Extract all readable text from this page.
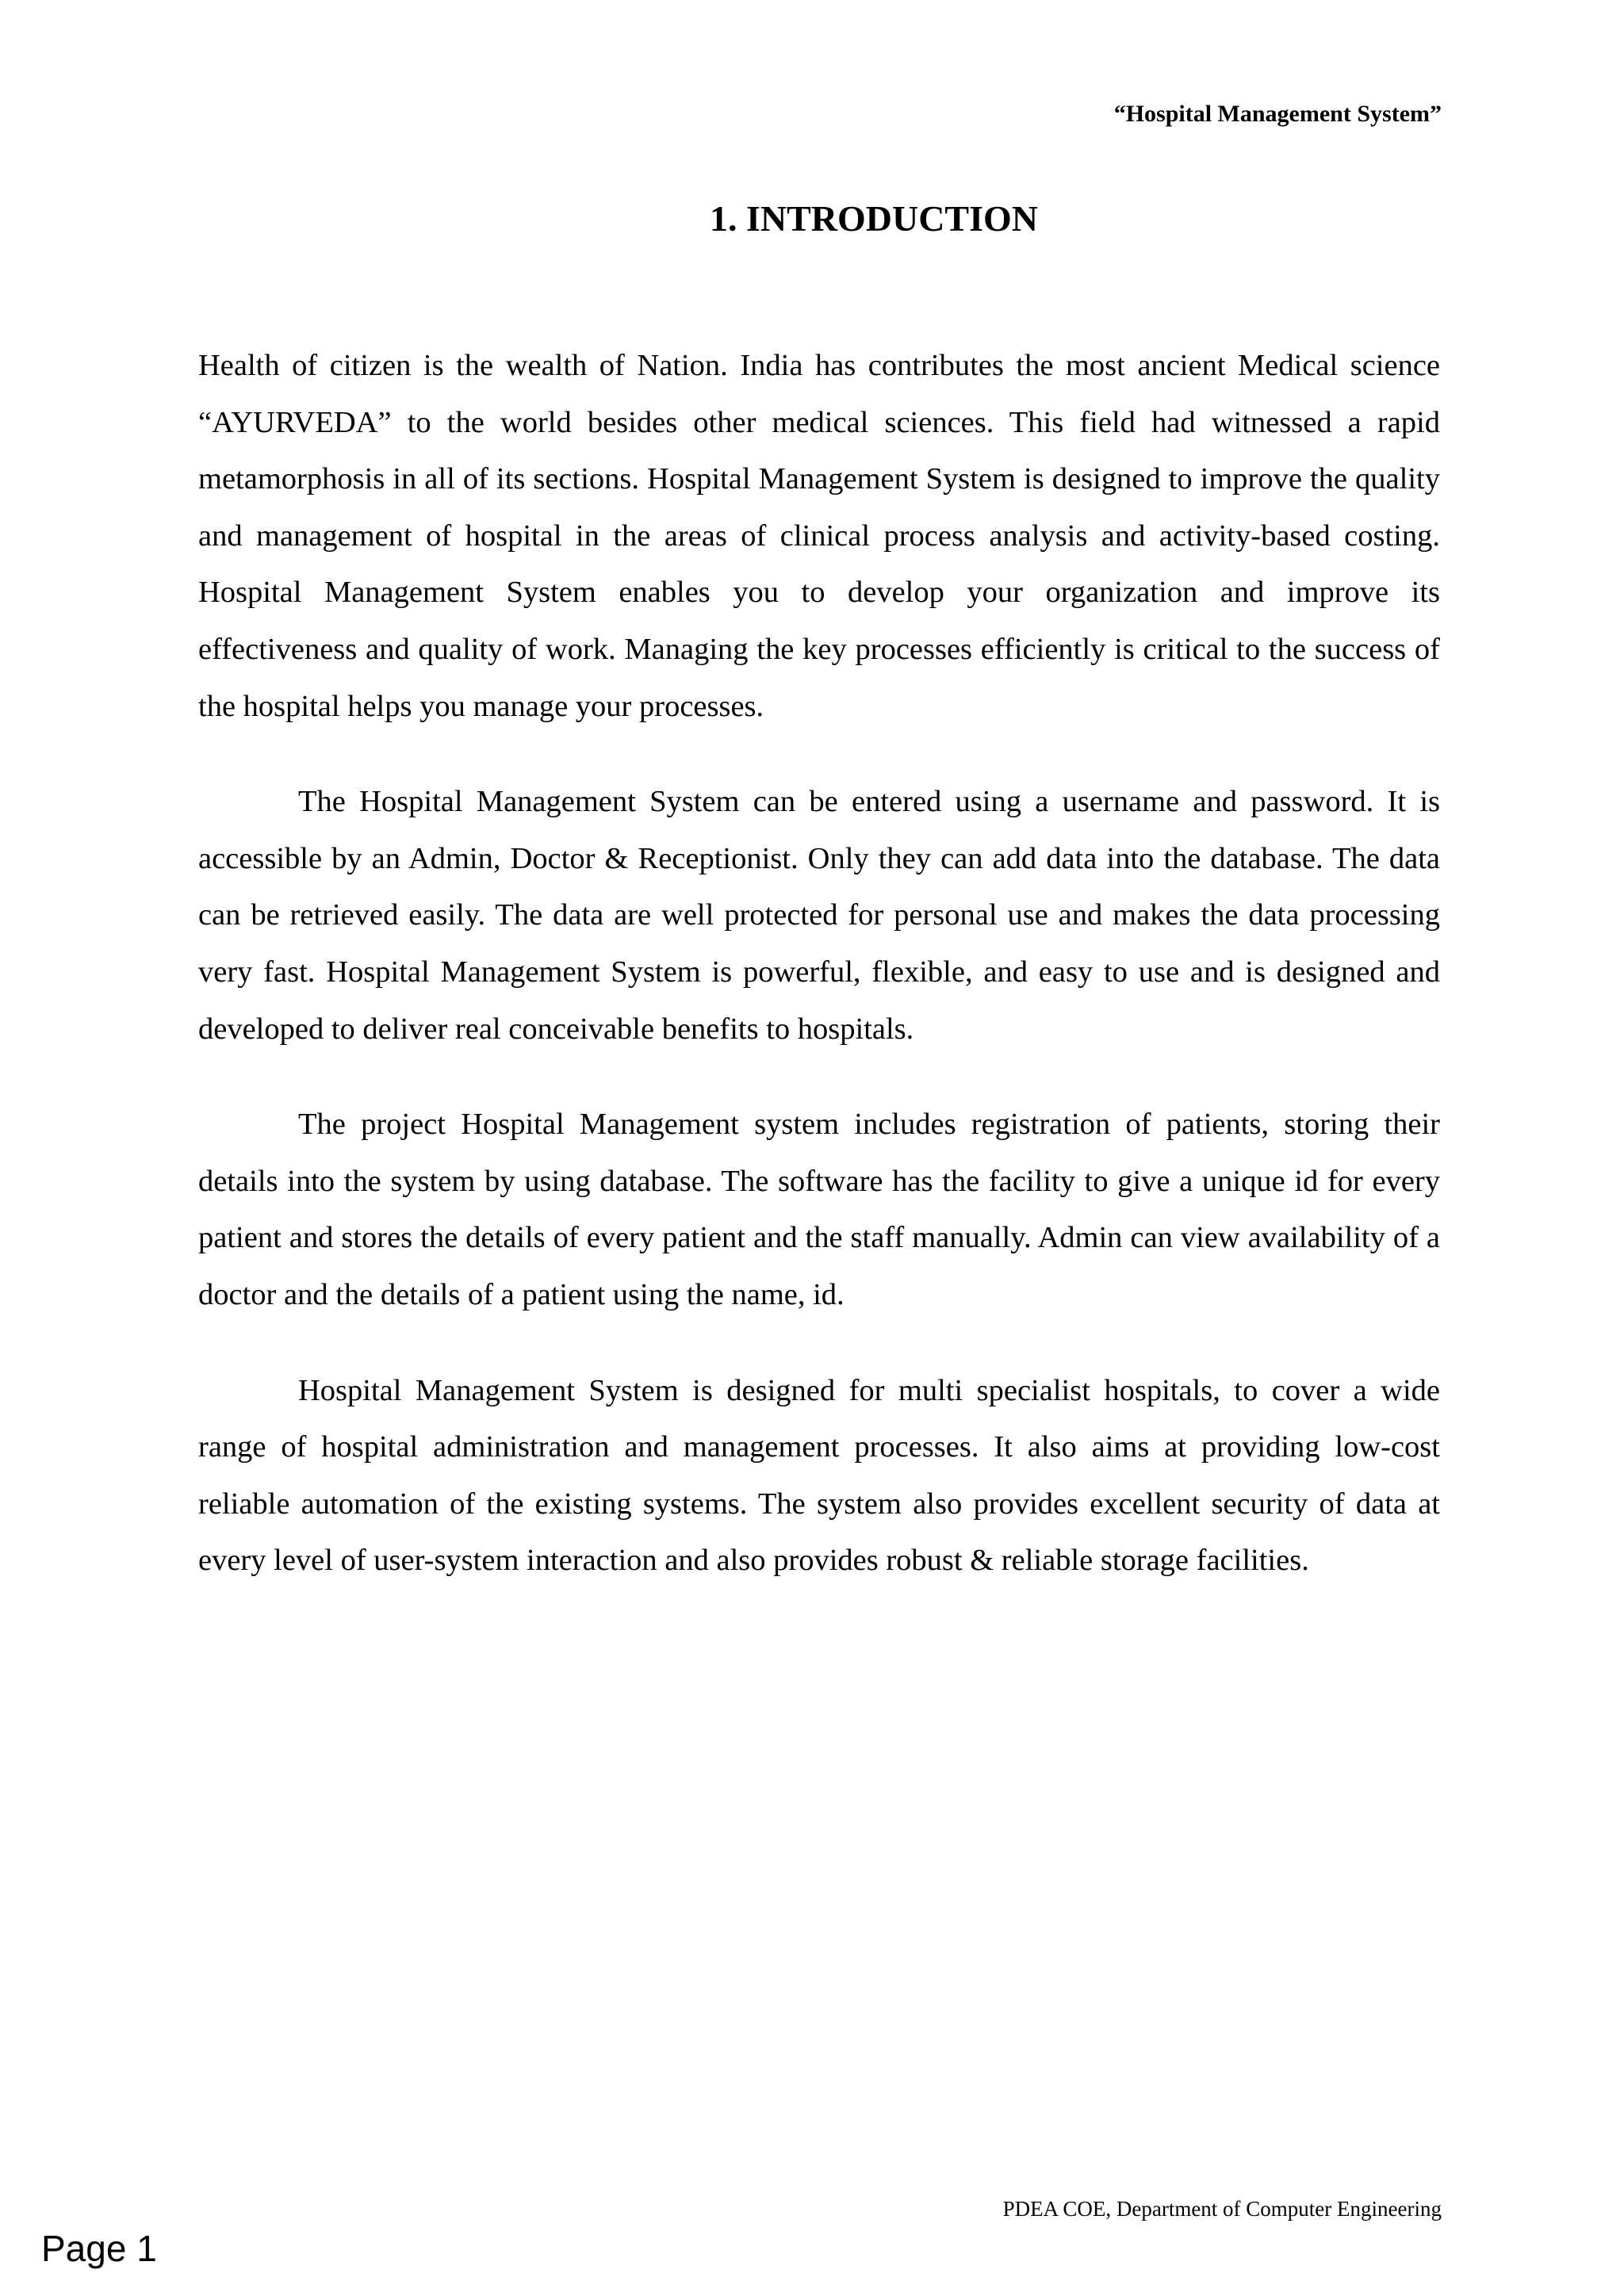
“Hospital Management System”
1. INTRODUCTION

Health of citizen is the wealth of Nation. India has contributes the most ancient Medical science “AYURVEDA” to the world besides other medical sciences. This field had witnessed a rapid metamorphosis in all of its sections. Hospital Management System is designed to improve the quality and management of hospital in the areas of clinical process analysis and activity-based costing. Hospital Management System enables you to develop your organization and improve its effectiveness and quality of work. Managing the key processes efficiently is critical to the success of the hospital helps you manage your processes.

The Hospital Management System can be entered using a username and password. It is accessible by an Admin, Doctor & Receptionist. Only they can add data into the database. The data can be retrieved easily. The data are well protected for personal use and makes the data processing very fast. Hospital Management System is powerful, flexible, and easy to use and is designed and developed to deliver real conceivable benefits to hospitals.

The project Hospital Management system includes registration of patients, storing their details into the system by using database. The software has the facility to give a unique id for every patient and stores the details of every patient and the staff manually. Admin can view availability of a doctor and the details of a patient using the name, id.

Hospital Management System is designed for multi specialist hospitals, to cover a wide range of hospital administration and management processes. It also aims at providing low-cost reliable automation of the existing systems. The system also provides excellent security of data at every level of user-system interaction and also provides robust & reliable storage facilities.

PDEA COE, Department of Computer Engineering
Page 1
